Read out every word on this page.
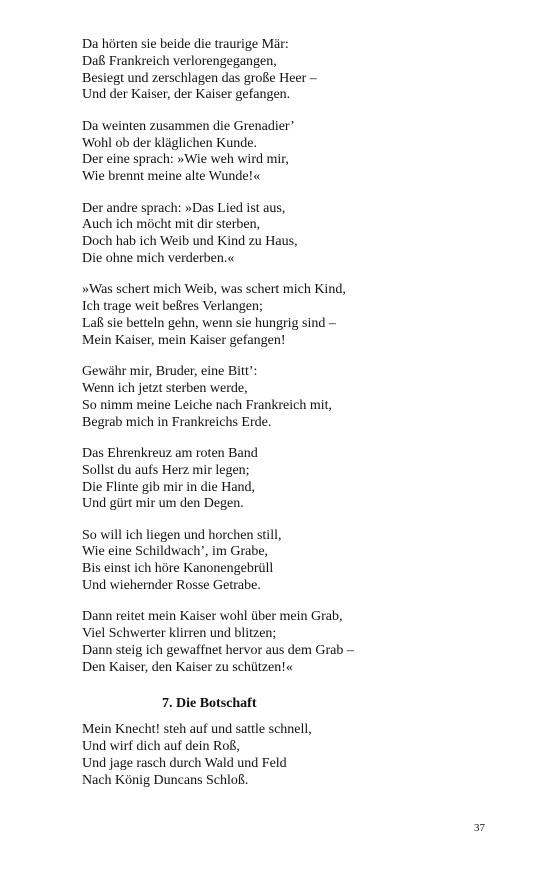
Da hörten sie beide die traurige Mär:
Daß Frankreich verlorengegangen,
Besiegt und zerschlagen das große Heer –
Und der Kaiser, der Kaiser gefangen.
Da weinten zusammen die Grenadier’
Wohl ob der kläglichen Kunde.
Der eine sprach: »Wie weh wird mir,
Wie brennt meine alte Wunde!«
Der andre sprach: »Das Lied ist aus,
Auch ich möcht mit dir sterben,
Doch hab ich Weib und Kind zu Haus,
Die ohne mich verderben.«
»Was schert mich Weib, was schert mich Kind,
Ich trage weit beßres Verlangen;
Laß sie betteln gehn, wenn sie hungrig sind –
Mein Kaiser, mein Kaiser gefangen!
Gewähr mir, Bruder, eine Bitt’:
Wenn ich jetzt sterben werde,
So nimm meine Leiche nach Frankreich mit,
Begrab mich in Frankreichs Erde.
Das Ehrenkreuz am roten Band
Sollst du aufs Herz mir legen;
Die Flinte gib mir in die Hand,
Und gürt mir um den Degen.
So will ich liegen und horchen still,
Wie eine Schildwach’, im Grabe,
Bis einst ich höre Kanonengebrüll
Und wiehernder Rosse Getrabe.
Dann reitet mein Kaiser wohl über mein Grab,
Viel Schwerter klirren und blitzen;
Dann steig ich gewaffnet hervor aus dem Grab –
Den Kaiser, den Kaiser zu schützen!«
7. Die Botschaft
Mein Knecht! steh auf und sattle schnell,
Und wirf dich auf dein Roß,
Und jage rasch durch Wald und Feld
Nach König Duncans Schloß.
37
